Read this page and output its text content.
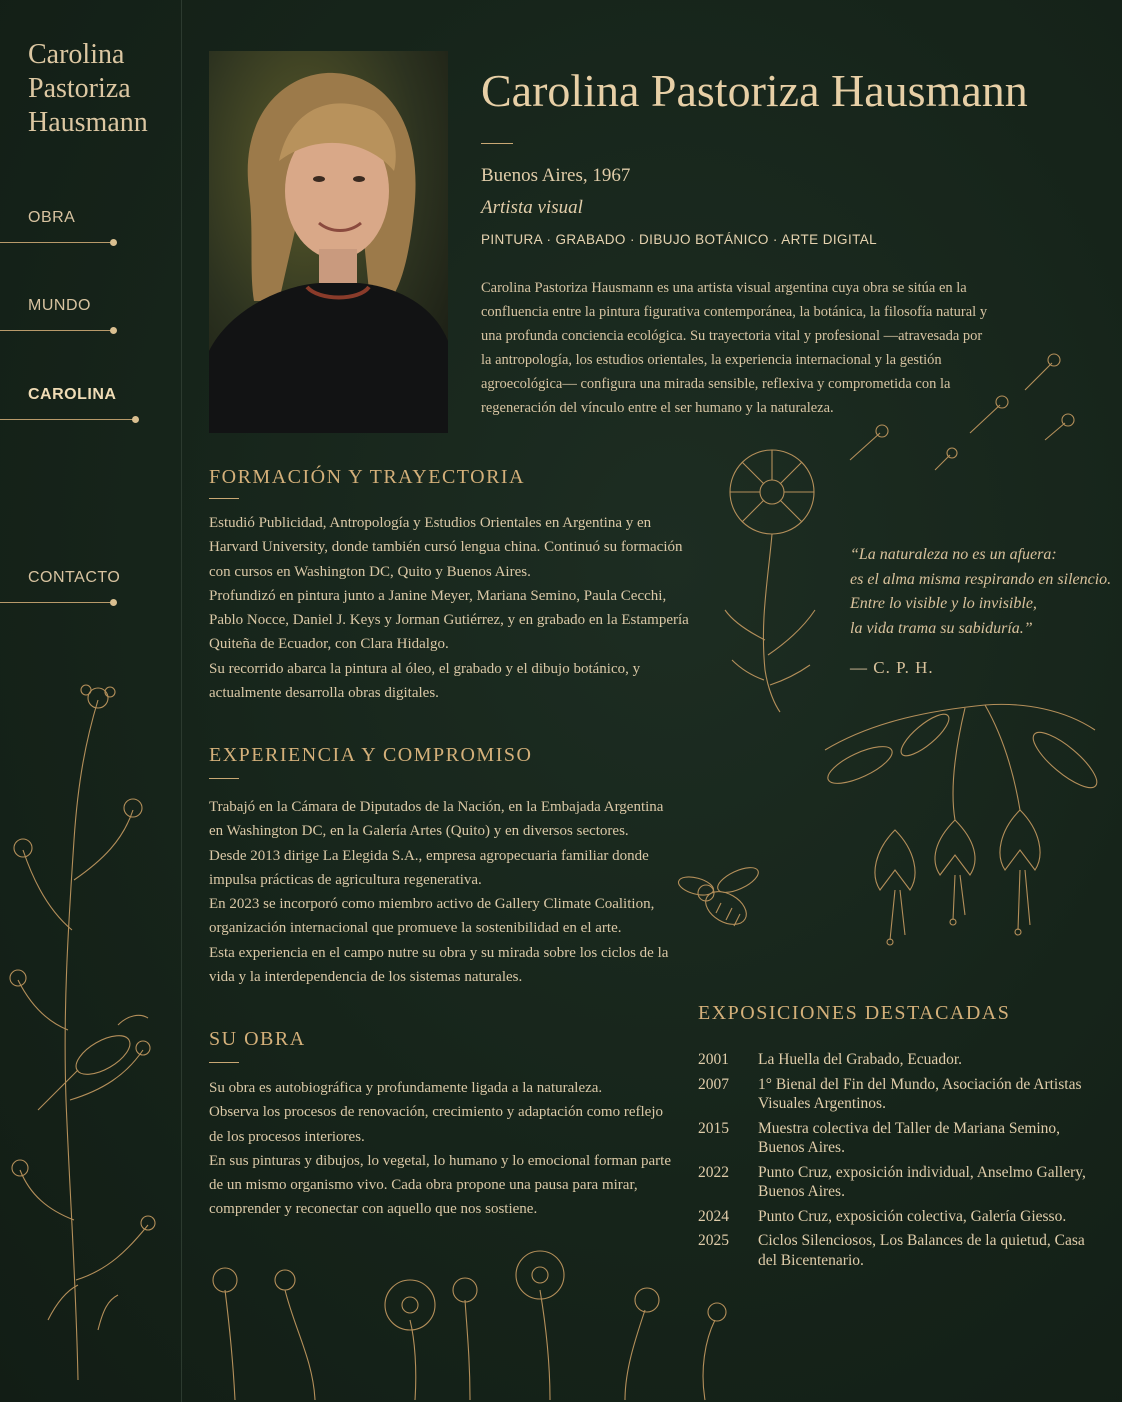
Carolina
Pastoriza
Hausmann
OBRA
MUNDO
CAROLINA
CONTACTO
Carolina Pastoriza Hausmann
Buenos Aires, 1967
Artista visual
PINTURA · GRABADO · DIBUJO BOTÁNICO · ARTE DIGITAL
Carolina Pastoriza Hausmann es una artista visual argentina cuya obra se sitúa en la confluencia entre la pintura figurativa contemporánea, la botánica, la filosofía natural y una profunda conciencia ecológica. Su trayectoria vital y profesional —atravesada por la antropología, los estudios orientales, la experiencia internacional y la gestión agroecológica— configura una mirada sensible, reflexiva y comprometida con la regeneración del vínculo entre el ser humano y la naturaleza.
FORMACIÓN Y TRAYECTORIA

Estudió Publicidad, Antropología y Estudios Orientales en Argentina y en Harvard University, donde también cursó lengua china. Continuó su formación con cursos en Washington DC, Quito y Buenos Aires.

Profundizó en pintura junto a Janine Meyer, Mariana Semino, Paula Cecchi, Pablo Nocce, Daniel J. Keys y Jorman Gutiérrez, y en grabado en la Estampería Quiteña de Ecuador, con Clara Hidalgo.

Su recorrido abarca la pintura al óleo, el grabado y el dibujo botánico, y actualmente desarrolla obras digitales.

EXPERIENCIA Y COMPROMISO

Trabajó en la Cámara de Diputados de la Nación, en la Embajada Argentina en Washington DC, en la Galería Artes (Quito) y en diversos sectores.

Desde 2013 dirige La Elegida S.A., empresa agropecuaria familiar donde impulsa prácticas de agricultura regenerativa.

En 2023 se incorporó como miembro activo de Gallery Climate Coalition, organización internacional que promueve la sostenibilidad en el arte.

Esta experiencia en el campo nutre su obra y su mirada sobre los ciclos de la vida y la interdependencia de los sistemas naturales.

SU OBRA

Su obra es autobiográfica y profundamente ligada a la naturaleza.

Observa los procesos de renovación, crecimiento y adaptación como reflejo de los procesos interiores.

En sus pinturas y dibujos, lo vegetal, lo humano y lo emocional forman parte de un mismo organismo vivo. Cada obra propone una pausa para mirar, comprender y reconectar con aquello que nos sostiene.

“La naturaleza no es un afuera:

es el alma misma respirando en silencio.

Entre lo visible y lo invisible,

la vida trama su sabiduría.”

— C. P. H.
EXPOSICIONES DESTACADAS
2001	La Huella del Grabado, Ecuador.
2007	1° Bienal del Fin del Mundo, Asociación de Artistas Visuales Argentinos.
2015	Muestra colectiva del Taller de Mariana Semino, Buenos Aires.
2022	Punto Cruz, exposición individual, Anselmo Gallery, Buenos Aires.
2024	Punto Cruz, exposición colectiva, Galería Giesso.
2025	Ciclos Silenciosos, Los Balances de la quietud, Casa del Bicentenario.
